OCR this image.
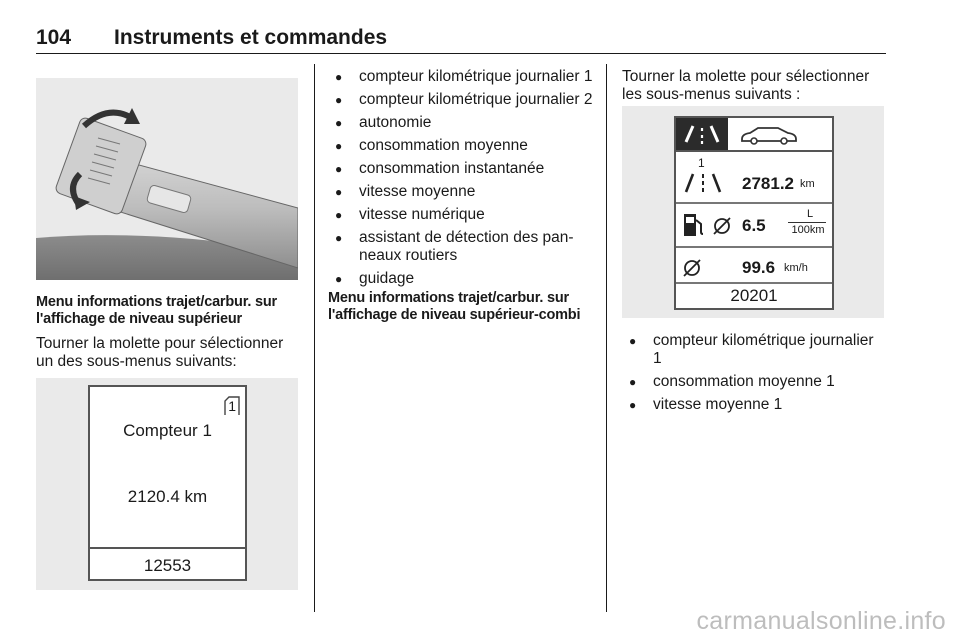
104 Instruments et commandes
Menu informations trajet/carbur. sur l'affichage de niveau supérieur
Tourner la molette pour sélectionner un des sous-menus suivants:
1
Compteur 1
2120.4 km
12553
● compteur kilométrique journalier 1
● compteur kilométrique journalier 2
● autonomie
● consommation moyenne
● consommation instantanée
● vitesse moyenne
● vitesse numérique
● assistant de détection des pan-neaux routiers
● guidage
Menu informations trajet/carbur. sur l'affichage de niveau supérieur-combi
Tourner la molette pour sélectionner les sous-menus suivants :
1
2781.2 km
6.5
L
100km
99.6 km/h
20201
● compteur kilométrique journalier 1
● consommation moyenne 1
● vitesse moyenne 1
carmanualsonline.info
